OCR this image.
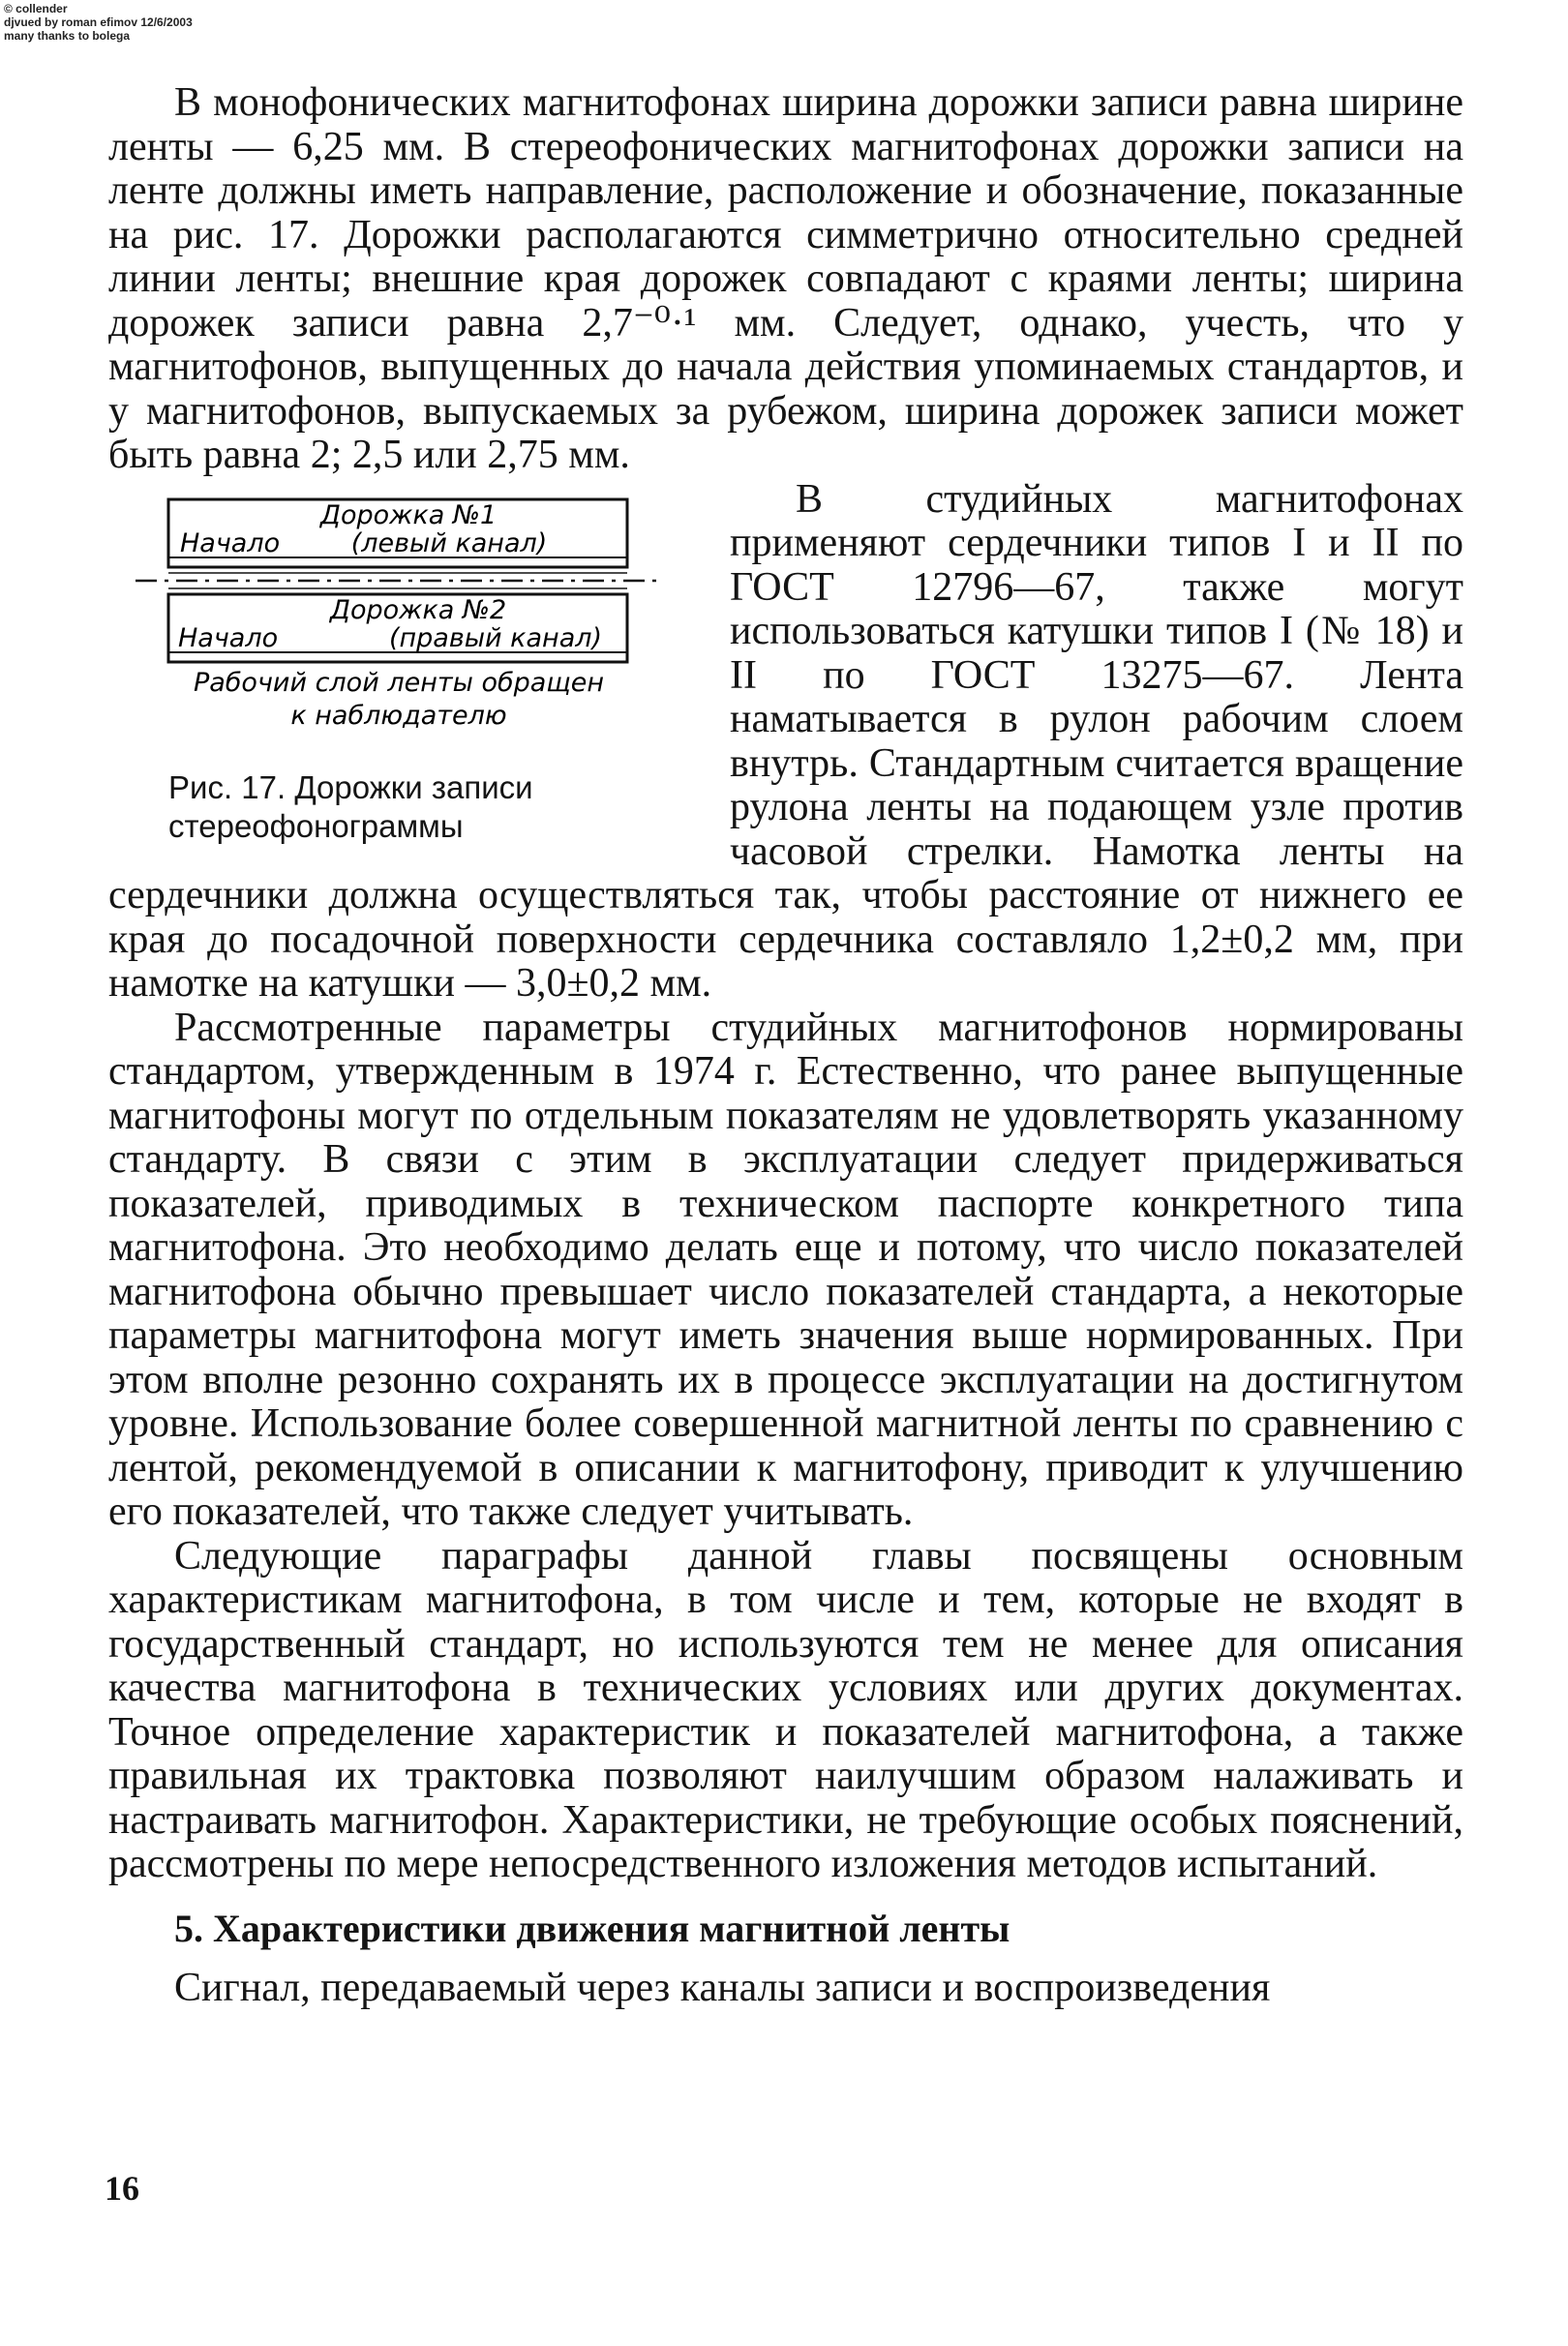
© collender
djvued by roman efimov 12/6/2003
many thanks to bolega

В монофонических магнитофонах ширина дорожки записи равна ширине ленты — 6,25 мм. В стереофонических магнитофонах дорожки записи на ленте должны иметь направление, расположение и обозначение, показанные на рис. 17. Дорожки располагаются симметрично относительно средней линии ленты; внешние края дорожек совпадают с краями ленты; ширина дорожек записи равна 2,7⁻⁰·¹ мм. Следует, однако, учесть, что у магнитофонов, выпущенных до начала действия упоминаемых стандартов, и у магнитофонов, выпускаемых за рубежом, ширина дорожек записи может быть равна 2; 2,5 или 2,75 мм.

Дорожка №1
Начало	(левый канал)
Дорожка №2
Начало	(правый канал)
Рабочий слой ленты обращен
к наблюдателю
Рис. 17. Дорожки записи стереофонограммы

В студийных магнитофонах применяют сердечники типов I и II по ГОСТ 12796—67, также могут использоваться катушки типов I (№ 18) и II по ГОСТ 13275—67. Лента наматывается в рулон рабочим слоем внутрь. Стандартным считается вращение рулона ленты на подающем узле против часовой стрелки. Намотка ленты на сердечники должна осуществляться так, чтобы расстояние от нижнего ее края до посадочной поверхности сердечника составляло 1,2±0,2 мм, при намотке на катушки — 3,0±0,2 мм.

Рассмотренные параметры студийных магнитофонов нормированы стандартом, утвержденным в 1974 г. Естественно, что ранее выпущенные магнитофоны могут по отдельным показателям не удовлетворять указанному стандарту. В связи с этим в эксплуатации следует придерживаться показателей, приводимых в техническом паспорте конкретного типа магнитофона. Это необходимо делать еще и потому, что число показателей магнитофона обычно превышает число показателей стандарта, а некоторые параметры магнитофона могут иметь значения выше нормированных. При этом вполне резонно сохранять их в процессе эксплуатации на достигнутом уровне. Использование более совершенной магнитной ленты по сравнению с лентой, рекомендуемой в описании к магнитофону, приводит к улучшению его показателей, что также следует учитывать.

Следующие параграфы данной главы посвящены основным характеристикам магнитофона, в том числе и тем, которые не входят в государственный стандарт, но используются тем не менее для описания качества магнитофона в технических условиях или других документах. Точное определение характеристик и показателей магнитофона, а также правильная их трактовка позволяют наилучшим образом налаживать и настраивать магнитофон. Характеристики, не требующие особых пояснений, рассмотрены по мере непосредственного изложения методов испытаний.

5. Характеристики движения магнитной ленты

Сигнал, передаваемый через каналы записи и воспроизведения

16
